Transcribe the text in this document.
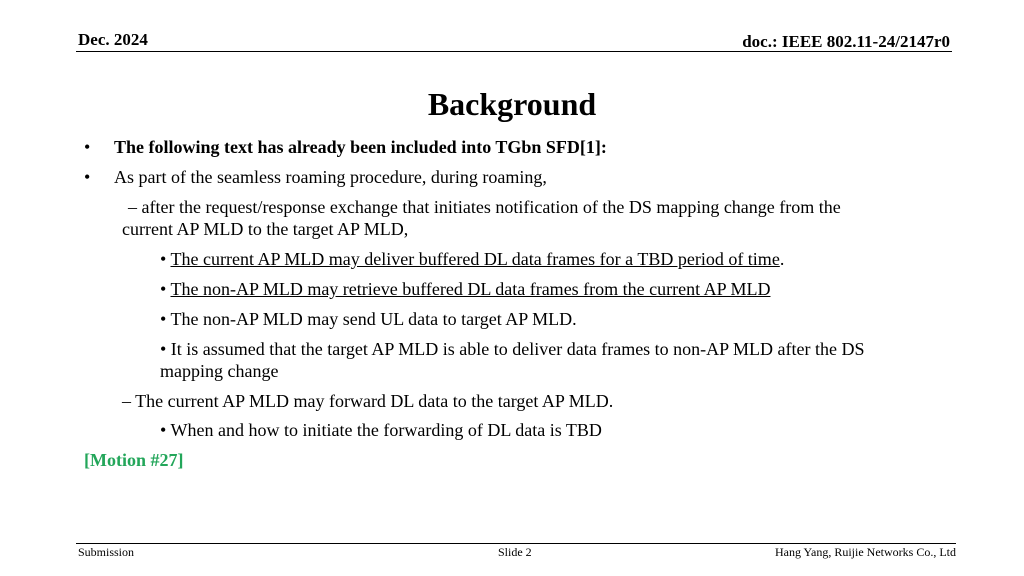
Dec. 2024	doc.: IEEE 802.11-24/2147r0
Background
• The following text has already been included into TGbn SFD[1]:
• As part of the seamless roaming procedure, during roaming,
– after the request/response exchange that initiates notification of the DS mapping change from the
current AP MLD to the target AP MLD,
• The current AP MLD may deliver buffered DL data frames for a TBD period of time.
• The non-AP MLD may retrieve buffered DL data frames from the current AP MLD
• The non-AP MLD may send UL data to target AP MLD.
• It is assumed that the target AP MLD is able to deliver data frames to non-AP MLD after the DS
mapping change
– The current AP MLD may forward DL data to the target AP MLD.
• When and how to initiate the forwarding of DL data is TBD
[Motion #27]
Submission	Slide 2	Hang Yang, Ruijie Networks Co., Ltd
